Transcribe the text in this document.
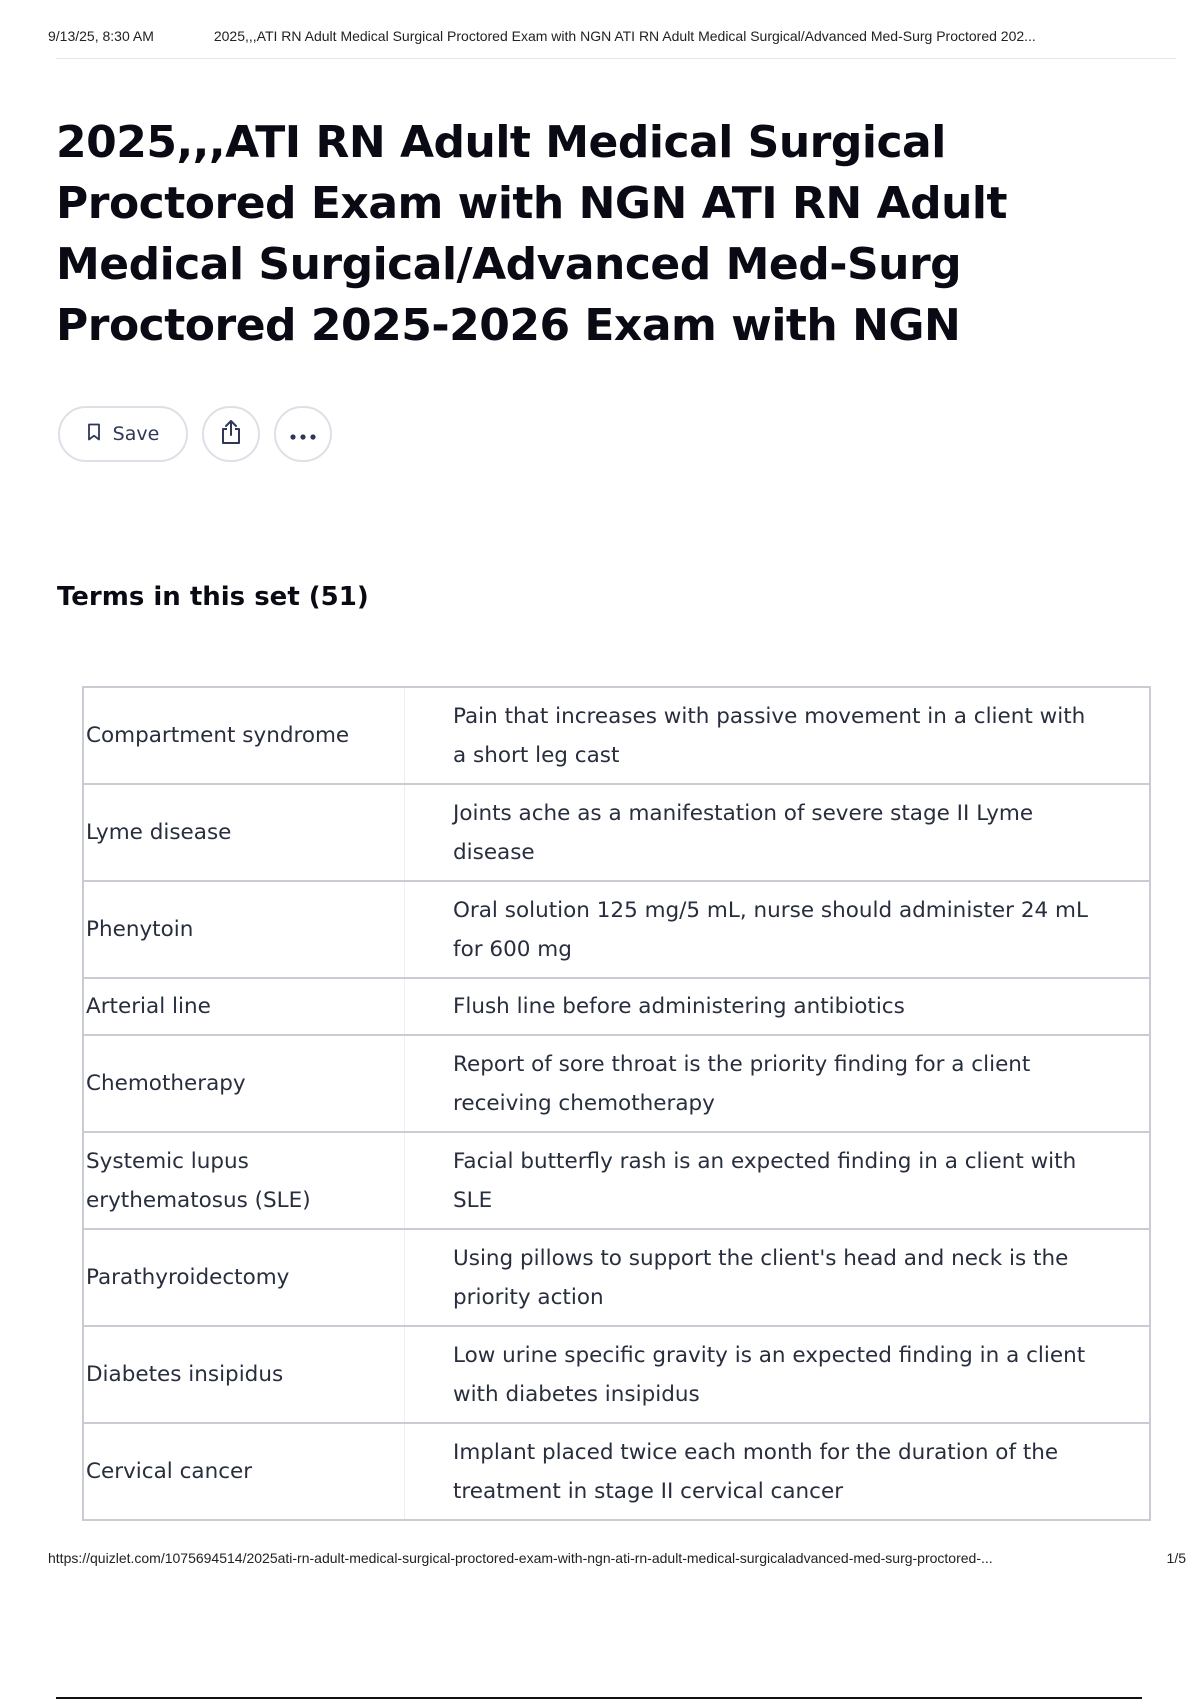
9/13/25, 8:30 AM	2025,,,ATI RN Adult Medical Surgical Proctored Exam with NGN ATI RN Adult Medical Surgical/Advanced Med-Surg Proctored 202...
2025,,,ATI RN Adult Medical Surgical Proctored Exam with NGN ATI RN Adult Medical Surgical/Advanced Med-Surg Proctored 2025-2026 Exam with NGN
Save
Terms in this set (51)
Compartment syndrome	Pain that increases with passive movement in a client with a short leg cast
Lyme disease	Joints ache as a manifestation of severe stage II Lyme disease
Phenytoin	Oral solution 125 mg/5 mL, nurse should administer 24 mL for 600 mg
Arterial line	Flush line before administering antibiotics
Chemotherapy	Report of sore throat is the priority finding for a client receiving chemotherapy
Systemic lupus erythematosus (SLE)	Facial butterfly rash is an expected finding in a client with SLE
Parathyroidectomy	Using pillows to support the client's head and neck is the priority action
Diabetes insipidus	Low urine specific gravity is an expected finding in a client with diabetes insipidus
Cervical cancer	Implant placed twice each month for the duration of the treatment in stage II cervical cancer
https://quizlet.com/1075694514/2025ati-rn-adult-medical-surgical-proctored-exam-with-ngn-ati-rn-adult-medical-surgicaladvanced-med-surg-proctored-...	1/5
